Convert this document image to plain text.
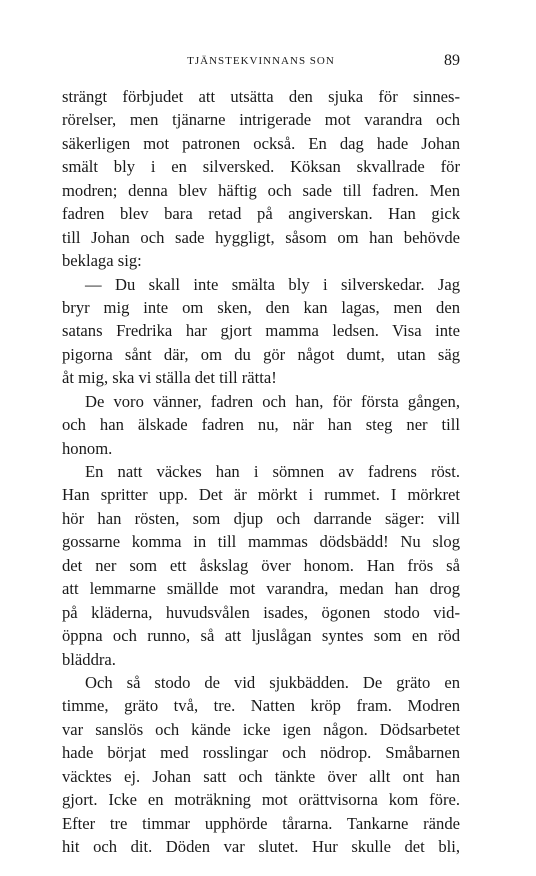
TJÄNSTEKVINNANS SON	89
strängt förbjudet att utsätta den sjuka för sinnes-
rörelser, men tjänarne intrigerade mot varandra och
säkerligen mot patronen också. En dag hade Johan
smält bly i en silversked. Köksan skvallrade för
modren; denna blev häftig och sade till fadren. Men
fadren blev bara retad på angiverskan. Han gick
till Johan och sade hyggligt, såsom om han behövde
beklaga sig:
— Du skall inte smälta bly i silverskedar. Jag
bryr mig inte om sken, den kan lagas, men den
satans Fredrika har gjort mamma ledsen. Visa inte
pigorna sånt där, om du gör något dumt, utan säg
åt mig, ska vi ställa det till rätta!
De voro vänner, fadren och han, för första gången,
och han älskade fadren nu, när han steg ner till
honom.
En natt väckes han i sömnen av fadrens röst.
Han spritter upp. Det är mörkt i rummet. I mörkret
hör han rösten, som djup och darrande säger: vill
gossarne komma in till mammas dödsbädd! Nu slog
det ner som ett åskslag över honom. Han frös så
att lemmarne smällde mot varandra, medan han drog
på kläderna, huvudsvålen isades, ögonen stodo vid-
öppna och runno, så att ljuslågan syntes som en röd
bläddra.
Och så stodo de vid sjukbädden. De gräto en
timme, gräto två, tre. Natten kröp fram. Modren
var sanslös och kände icke igen någon. Dödsarbetet
hade börjat med rosslingar och nödrop. Småbarnen
väcktes ej. Johan satt och tänkte över allt ont han
gjort. Icke en moträkning mot orättvisorna kom före.
Efter tre timmar upphörde tårarna. Tankarne rände
hit och dit. Döden var slutet. Hur skulle det bli,
